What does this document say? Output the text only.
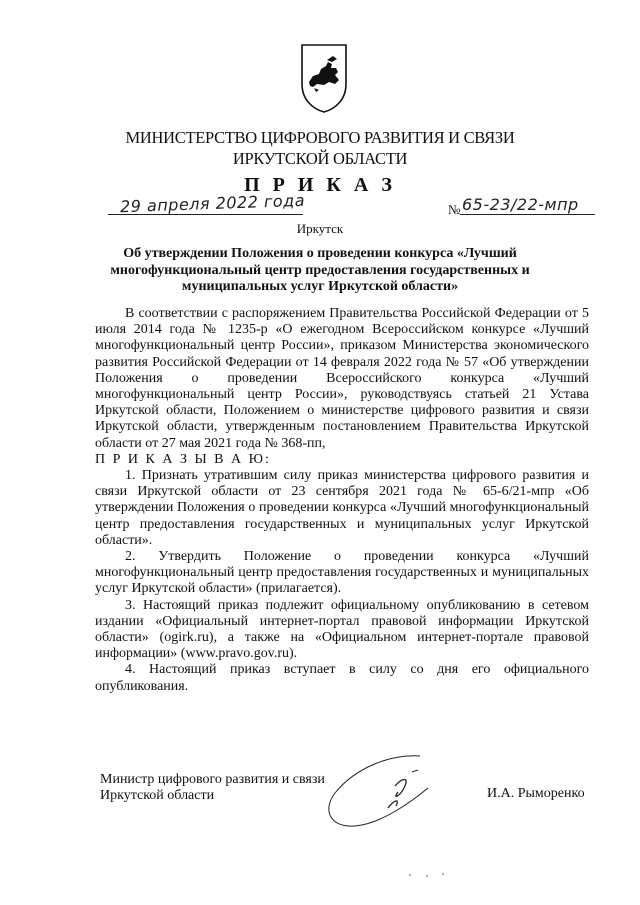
МИНИСТЕРСТВО ЦИФРОВОГО РАЗВИТИЯ И СВЯЗИ
ИРКУТСКОЙ ОБЛАСТИ
П Р И К А З
29 апреля 2022 года	№ 65-23/22-мпр
Иркутск
Об утверждении Положения о проведении конкурса «Лучший многофункциональный центр предоставления государственных и муниципальных услуг Иркутской области»

В соответствии с распоряжением Правительства Российской Федерации от 5 июля 2014 года № 1235-р «О ежегодном Всероссийском конкурсе «Лучший многофункциональный центр России», приказом Министерства экономического развития Российской Федерации от 14 февраля 2022 года № 57 «Об утверждении Положения о проведении Всероссийского конкурса «Лучший многофункциональный центр России», руководствуясь статьей 21 Устава Иркутской области, Положением о министерстве цифрового развития и связи Иркутской области, утвержденным постановлением Правительства Иркутской области от 27 мая 2021 года № 368-пп,

П Р И К А З Ы В А Ю:

1. Признать утратившим силу приказ министерства цифрового развития и связи Иркутской области от 23 сентября 2021 года № 65-6/21-мпр «Об утверждении Положения о проведении конкурса «Лучший многофункциональный центр предоставления государственных и муниципальных услуг Иркутской области».

2. Утвердить Положение о проведении конкурса «Лучший многофункциональный центр предоставления государственных и муниципальных услуг Иркутской области» (прилагается).

3. Настоящий приказ подлежит официальному опубликованию в сетевом издании «Официальный интернет-портал правовой информации Иркутской области» (ogirk.ru), а также на «Официальном интернет-портале правовой информации» (www.pravo.gov.ru).

4. Настоящий приказ вступает в силу со дня его официального опубликования.

Министр цифрового развития и связи
Иркутской области	И.А. Рыморенко
